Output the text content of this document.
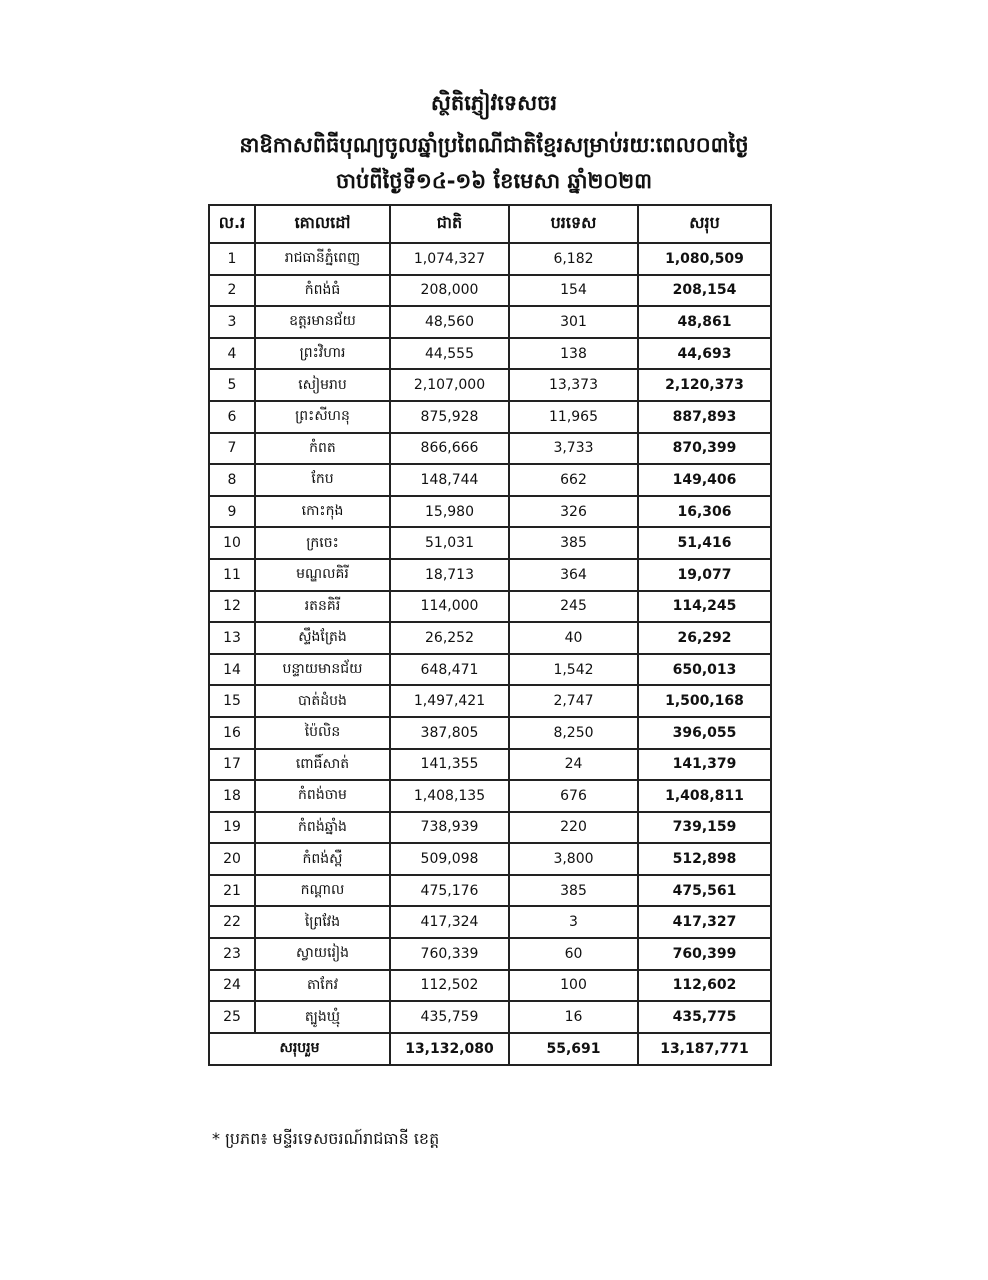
ស្ថិតិភ្ញៀវទេសចរ
នាឱកាសពិធីបុណ្យចូលឆ្នាំប្រពៃណីជាតិខ្មែរសម្រាប់រយៈពេល០៣ថ្ងៃ
ចាប់ពីថ្ងៃទី១៤-១៦ ខែមេសា ឆ្នាំ២០២៣
ល.រ	គោលដៅ	ជាតិ	បរទេស	សរុប
1	រាជធានីភ្នំពេញ	1,074,327	6,182	1,080,509
2	កំពង់ធំ	208,000	154	208,154
3	ឧត្តរមានជ័យ	48,560	301	48,861
4	ព្រះវិហារ	44,555	138	44,693
5	សៀមរាប	2,107,000	13,373	2,120,373
6	ព្រះសីហនុ	875,928	11,965	887,893
7	កំពត	866,666	3,733	870,399
8	កែប	148,744	662	149,406
9	កោះកុង	15,980	326	16,306
10	ក្រចេះ	51,031	385	51,416
11	មណ្ឌលគិរី	18,713	364	19,077
12	រតនគិរី	114,000	245	114,245
13	ស្ទឹងត្រែង	26,252	40	26,292
14	បន្ទាយមានជ័យ	648,471	1,542	650,013
15	បាត់ដំបង	1,497,421	2,747	1,500,168
16	ប៉ៃលិន	387,805	8,250	396,055
17	ពោធិ៍សាត់	141,355	24	141,379
18	កំពង់ចាម	1,408,135	676	1,408,811
19	កំពង់ឆ្នាំង	738,939	220	739,159
20	កំពង់ស្ពឺ	509,098	3,800	512,898
21	កណ្តាល	475,176	385	475,561
22	ព្រៃវែង	417,324	3	417,327
23	ស្វាយរៀង	760,339	60	760,399
24	តាកែវ	112,502	100	112,602
25	ត្បូងឃ្មុំ	435,759	16	435,775
សរុបរួម		13,132,080	55,691	13,187,771
* ប្រភព៖ មន្ទីរទេសចរណ៍រាជធានី ខេត្ត
